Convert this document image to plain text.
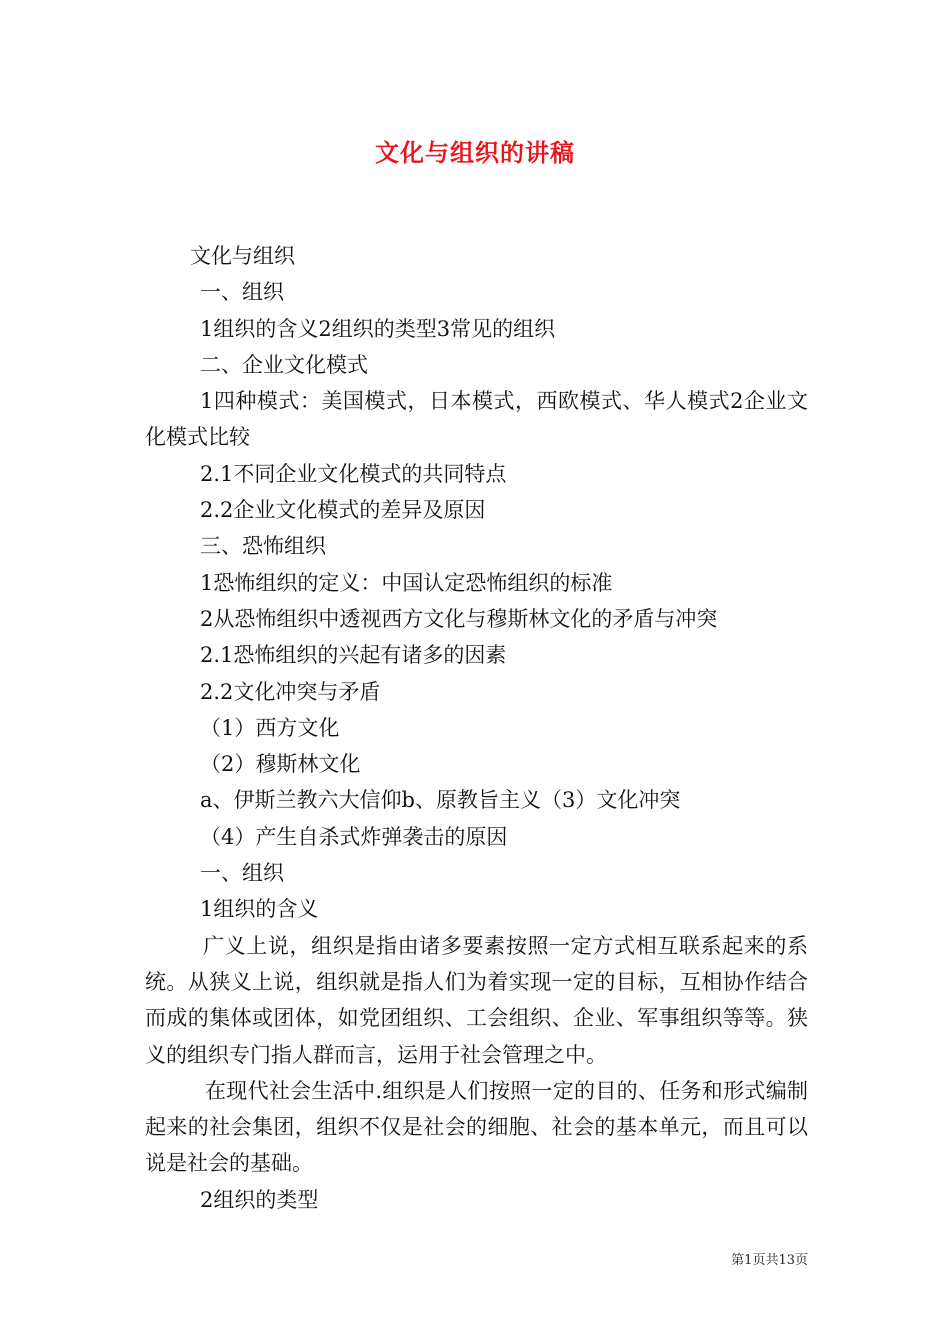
文化与组织的讲稿

文化与组织

一、组织

1组织的含义2组织的类型3常见的组织

二、企业文化模式

1四种模式：美国模式，日本模式，西欧模式、华人模式2企业文化模式比较

2.1不同企业文化模式的共同特点

2.2企业文化模式的差异及原因

三、恐怖组织

1恐怖组织的定义：中国认定恐怖组织的标准

2从恐怖组织中透视西方文化与穆斯林文化的矛盾与冲突

2.1恐怖组织的兴起有诸多的因素

2.2文化冲突与矛盾

（1）西方文化

（2）穆斯林文化

a、伊斯兰教六大信仰b、原教旨主义（3）文化冲突

（4）产生自杀式炸弹袭击的原因

一、组织

1组织的含义

广义上说，组织是指由诸多要素按照一定方式相互联系起来的系统。从狭义上说，组织就是指人们为着实现一定的目标，互相协作结合而成的集体或团体，如党团组织、工会组织、企业、军事组织等等。狭义的组织专门指人群而言，运用于社会管理之中。

在现代社会生活中.组织是人们按照一定的目的、任务和形式编制起来的社会集团，组织不仅是社会的细胞、社会的基本单元，而且可以说是社会的基础。

2组织的类型

第1页共13页
